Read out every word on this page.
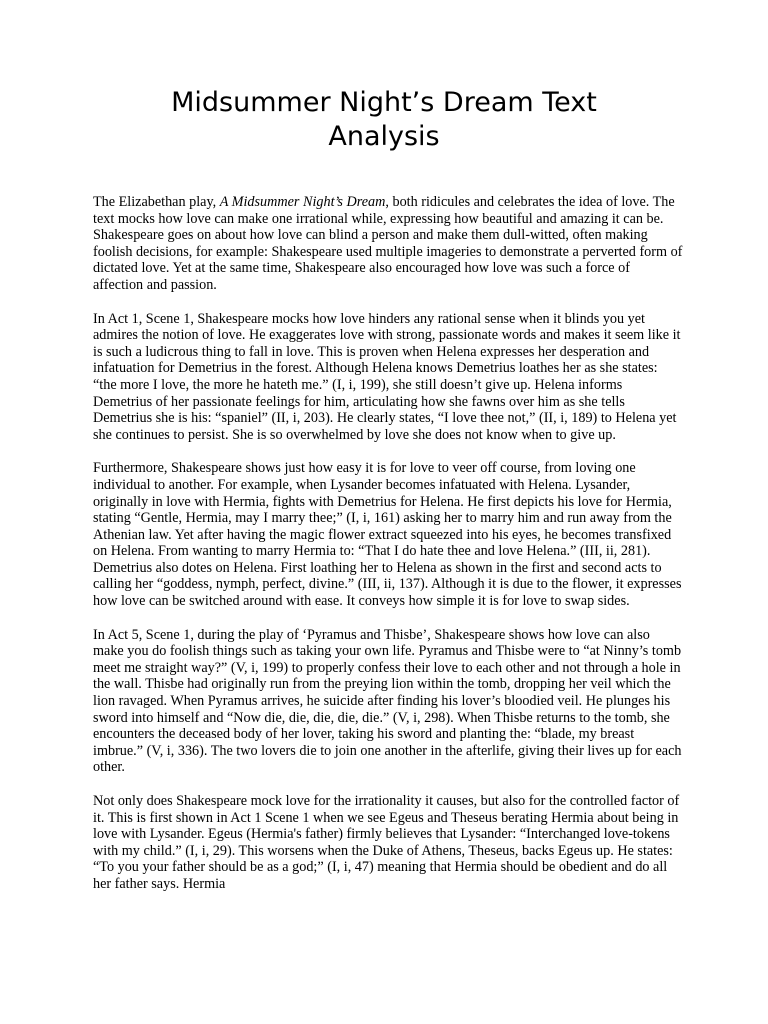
Midsummer Night’s Dream Text
Analysis

The Elizabethan play, A Midsummer Night’s Dream, both ridicules and celebrates the idea of love. The text mocks how love can make one irrational while, expressing how beautiful and amazing it can be. Shakespeare goes on about how love can blind a person and make them dull-witted, often making foolish decisions, for example: Shakespeare used multiple imageries to demonstrate a perverted form of dictated love. Yet at the same time, Shakespeare also encouraged how love was such a force of affection and passion.

In Act 1, Scene 1, Shakespeare mocks how love hinders any rational sense when it blinds you yet admires the notion of love. He exaggerates love with strong, passionate words and makes it seem like it is such a ludicrous thing to fall in love. This is proven when Helena expresses her desperation and infatuation for Demetrius in the forest. Although Helena knows Demetrius loathes her as she states: “the more I love, the more he hateth me.” (I, i, 199), she still doesn’t give up. Helena informs Demetrius of her passionate feelings for him, articulating how she fawns over him as she tells Demetrius she is his: “spaniel” (II, i, 203). He clearly states, “I love thee not,” (II, i, 189) to Helena yet she continues to persist. She is so overwhelmed by love she does not know when to give up.

Furthermore, Shakespeare shows just how easy it is for love to veer off course, from loving one individual to another. For example, when Lysander becomes infatuated with Helena. Lysander, originally in love with Hermia, fights with Demetrius for Helena. He first depicts his love for Hermia, stating “Gentle, Hermia, may I marry thee;” (I, i, 161) asking her to marry him and run away from the Athenian law. Yet after having the magic flower extract squeezed into his eyes, he becomes transfixed on Helena. From wanting to marry Hermia to: “That I do hate thee and love Helena.” (III, ii, 281). Demetrius also dotes on Helena. First loathing her to Helena as shown in the first and second acts to calling her “goddess, nymph, perfect, divine.” (III, ii, 137). Although it is due to the flower, it expresses how love can be switched around with ease. It conveys how simple it is for love to swap sides.

In Act 5, Scene 1, during the play of ‘Pyramus and Thisbe’, Shakespeare shows how love can also make you do foolish things such as taking your own life. Pyramus and Thisbe were to “at Ninny’s tomb meet me straight way?” (V, i, 199) to properly confess their love to each other and not through a hole in the wall. Thisbe had originally run from the preying lion within the tomb, dropping her veil which the lion ravaged. When Pyramus arrives, he suicide after finding his lover’s bloodied veil. He plunges his sword into himself and “Now die, die, die, die, die.” (V, i, 298). When Thisbe returns to the tomb, she encounters the deceased body of her lover, taking his sword and planting the: “blade, my breast imbrue.” (V, i, 336). The two lovers die to join one another in the afterlife, giving their lives up for each other.

Not only does Shakespeare mock love for the irrationality it causes, but also for the controlled factor of it. This is first shown in Act 1 Scene 1 when we see Egeus and Theseus berating Hermia about being in love with Lysander. Egeus (Hermia's father) firmly believes that Lysander: “Interchanged love-tokens with my child.” (I, i, 29). This worsens when the Duke of Athens, Theseus, backs Egeus up. He states: “To you your father should be as a god;” (I, i, 47) meaning that Hermia should be obedient and do all her father says. Hermia
